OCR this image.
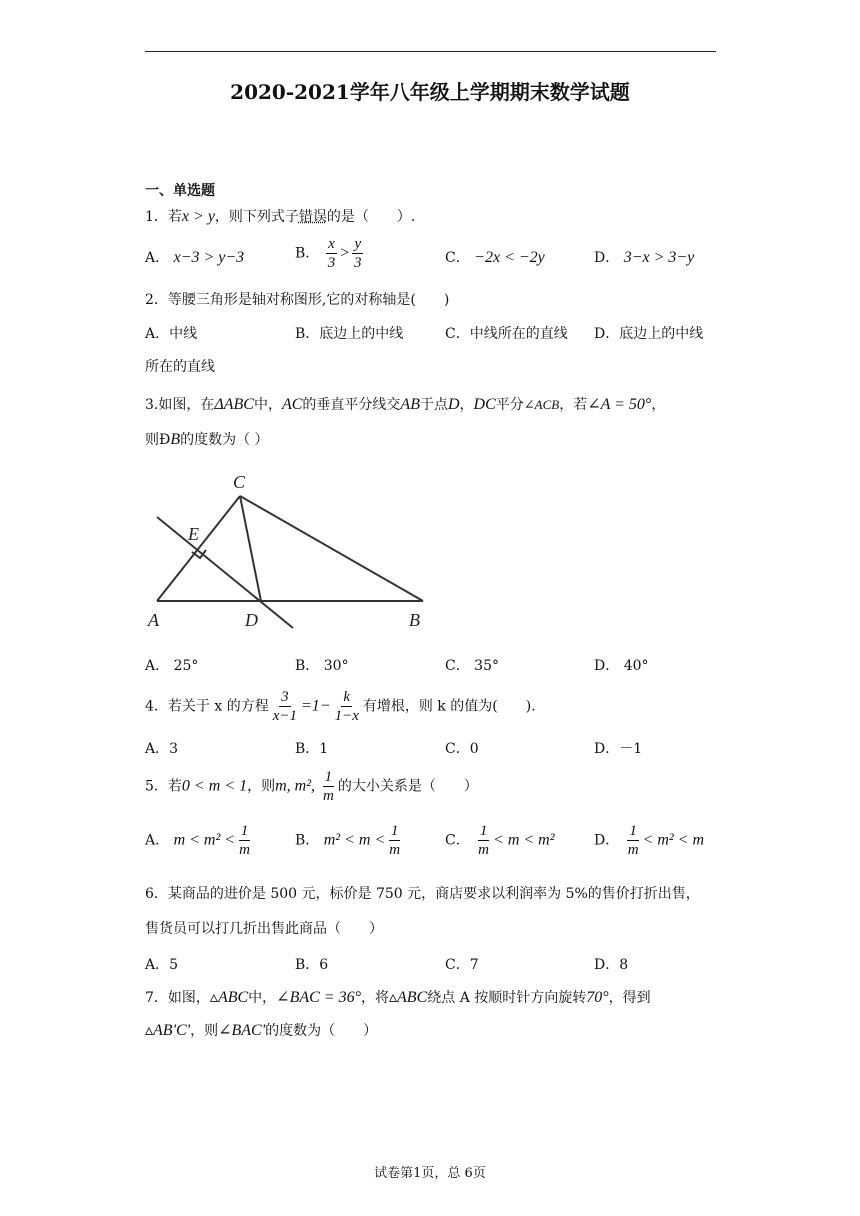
2020-2021学年八年级上学期期末数学试题
一、单选题
1．若x > y，则下列式子错误的是（　　）.
A． x−3 > y−3	B． $\frac{x}{3} > \frac{y}{3}$	C． −2x < −2y	D． 3−x > 3−y
2．等腰三角形是轴对称图形,它的对称轴是(　　)
A．中线	B．底边上的中线	C．中线所在的直线 D．底边上的中线
所在的直线
3.如图，在ΔABC中，AC的垂直平分线交AB于点D，DC平分∠ACB，若∠A = 50°，
则ÐB的度数为（ ）
C
E
A	D	B
A． 25°	B． 30°	C． 35°	D． 40°
4．若关于 x 的方程 $\frac{3}{x-1} =1- \frac{k}{1-x}$ 有增根，则 k 的值为(　　).
A．3	B．1	C．0	D．－1
5．若0 < m < 1，则m, m², $\frac{1}{m}$ 的大小关系是（　　）
A． $m < m^2 < \frac{1}{m}$	B． $m^2 < m < \frac{1}{m}$	C． $\frac{1}{m} < m < m^2$	D． $\frac{1}{m} < m^2 < m$
6．某商品的进价是 500 元，标价是 750 元，商店要求以利润率为 5%的售价打折出售，
售货员可以打几折出售此商品（　　）
A．5	B．6	C．7	D．8
7．如图，▵ABC中，∠BAC = 36°，将▵ABC绕点 A 按顺时针方向旋转70°，得到
▵AB'C'，则∠BAC'的度数为（　　）
试卷第1页，总 6页
